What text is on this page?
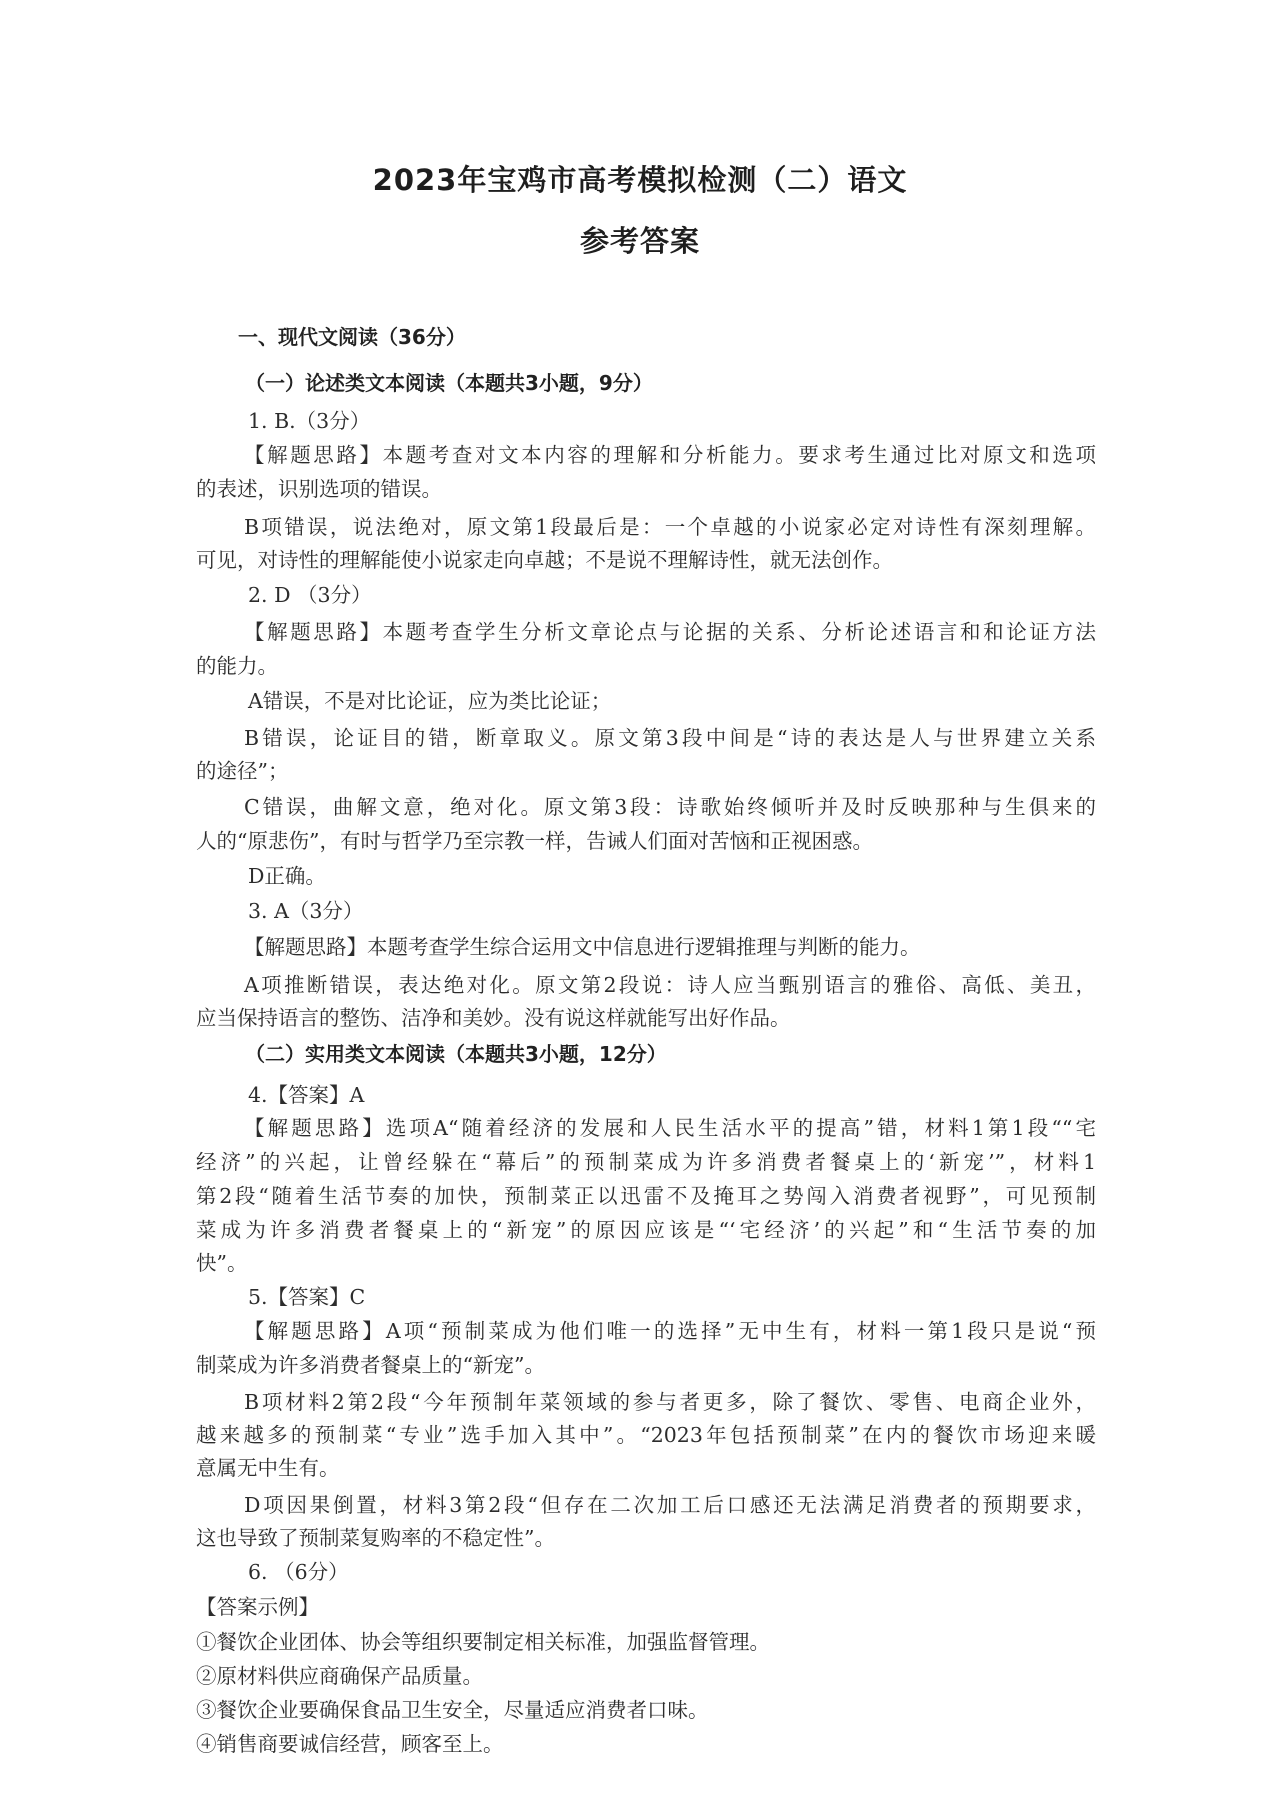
2023年宝鸡市高考模拟检测（二）语文
参考答案
一、现代文阅读（36分）
（一）论述类文本阅读（本题共3小题，9分）
1. B.（3分）
【解题思路】本题考查对文本内容的理解和分析能力。要求考生通过比对原文和选项
的表述，识别选项的错误。
B项错误，说法绝对，原文第1段最后是：一个卓越的小说家必定对诗性有深刻理解。
可见，对诗性的理解能使小说家走向卓越；不是说不理解诗性，就无法创作。
2. D （3分）
【解题思路】本题考查学生分析文章论点与论据的关系、分析论述语言和和论证方法
的能力。
A错误，不是对比论证，应为类比论证；
B错误，论证目的错，断章取义。原文第3段中间是“诗的表达是人与世界建立关系
的途径”；
C错误，曲解文意，绝对化。原文第3段：诗歌始终倾听并及时反映那种与生俱来的
人的“原悲伤”，有时与哲学乃至宗教一样，告诫人们面对苦恼和正视困惑。
D正确。
3. A（3分）
【解题思路】本题考查学生综合运用文中信息进行逻辑推理与判断的能力。
A项推断错误，表达绝对化。原文第2段说：诗人应当甄别语言的雅俗、高低、美丑，
应当保持语言的整饬、洁净和美妙。没有说这样就能写出好作品。
（二）实用类文本阅读（本题共3小题，12分）
4.【答案】A
【解题思路】选项A“随着经济的发展和人民生活水平的提高”错，材料1第1段““宅
经济”的兴起，让曾经躲在“幕后”的预制菜成为许多消费者餐桌上的‘新宠’”，材料1
第2段“随着生活节奏的加快，预制菜正以迅雷不及掩耳之势闯入消费者视野”，可见预制
菜成为许多消费者餐桌上的“新宠”的原因应该是“‘宅经济’的兴起”和“生活节奏的加
快”。
5.【答案】C
【解题思路】A项“预制菜成为他们唯一的选择”无中生有，材料一第1段只是说“预
制菜成为许多消费者餐桌上的“新宠”。
B项材料2第2段“今年预制年菜领域的参与者更多，除了餐饮、零售、电商企业外，
越来越多的预制菜“专业”选手加入其中”。“2023年包括预制菜”在内的餐饮市场迎来暖
意属无中生有。
D项因果倒置，材料3第2段“但存在二次加工后口感还无法满足消费者的预期要求，
这也导致了预制菜复购率的不稳定性”。
6. （6分）
【答案示例】
①餐饮企业团体、协会等组织要制定相关标准，加强监督管理。
②原材料供应商确保产品质量。
③餐饮企业要确保食品卫生安全，尽量适应消费者口味。
④销售商要诚信经营，顾客至上。
